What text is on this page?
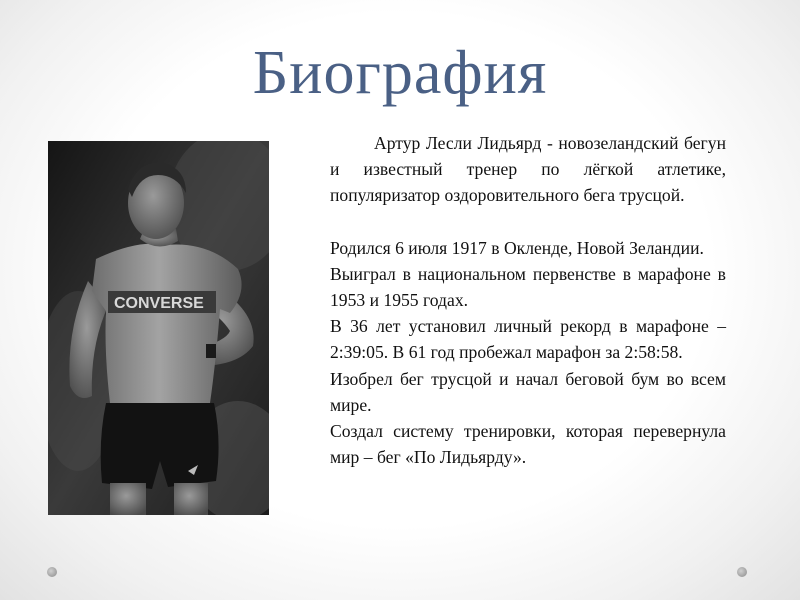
Биография
CONVERSE

Артур Лесли Лидьярд - новозеландский бегун и известный тренер по лёгкой атлетике, популяризатор оздоровительного бега трусцой.

Родился 6 июля 1917 в Окленде, Новой Зеландии.

Выиграл в национальном первенстве в марафоне в 1953 и 1955 годах.

В 36 лет установил личный рекорд в марафоне – 2:39:05. В 61 год пробежал марафон за 2:58:58.

Изобрел бег трусцой и начал беговой бум во всем мире.

Создал систему тренировки, которая перевернула мир – бег «По Лидьярду».
